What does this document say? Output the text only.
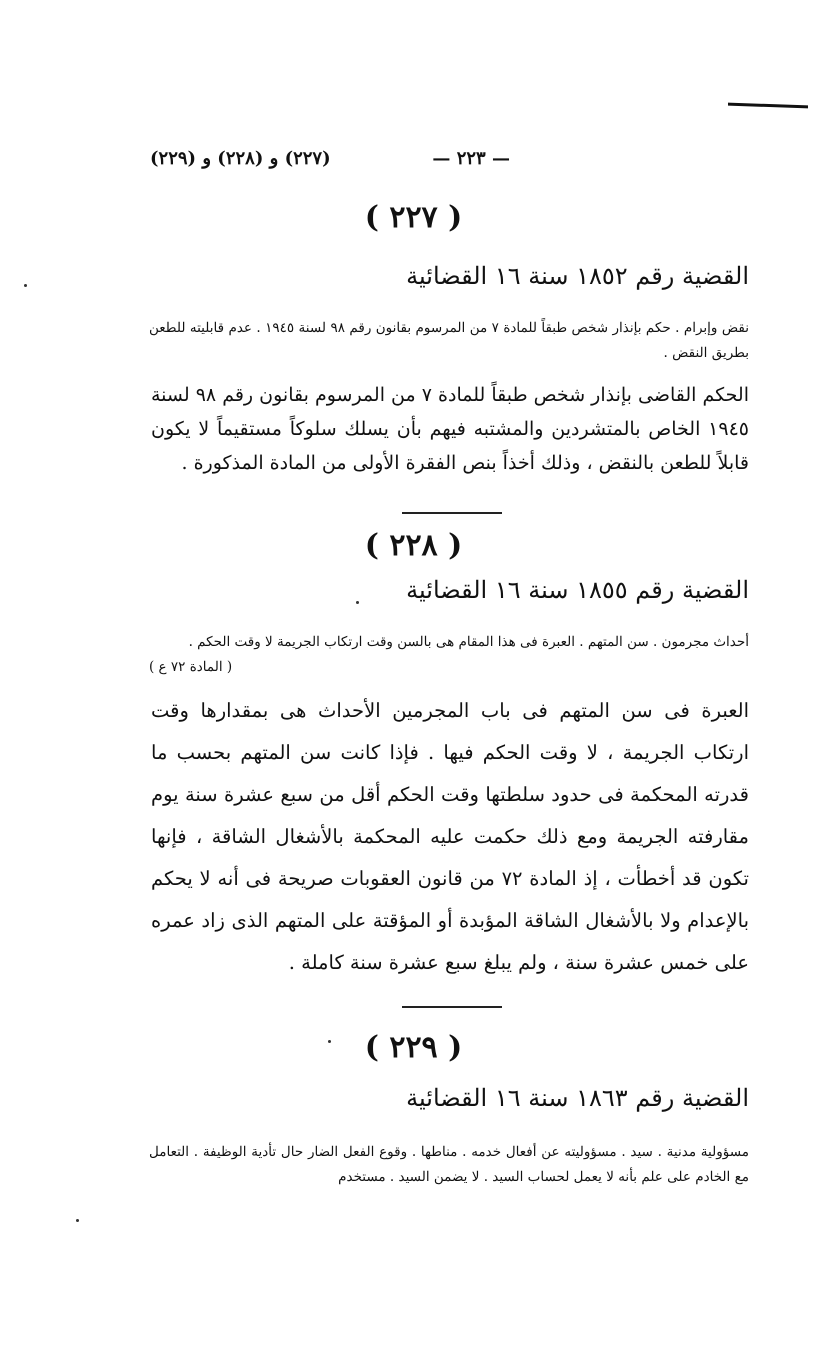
— ٢٢٣ —
(٢٢٧) و (٢٢٨) و (٢٢٩)
( ٢٢٧ )
القضية رقم ١٨٥٢ سنة ١٦ القضائية
نقض وإبرام . حكم بإنذار شخص طبقاً للمادة ٧ من المرسوم بقانون رقم ٩٨ لسنة ١٩٤٥ . عدم قابليته للطعن بطريق النقض .
الحكم القاضى بإنذار شخص طبقاً للمادة ٧ من المرسوم بقانون رقم ٩٨ لسنة ١٩٤٥ الخاص بالمتشردين والمشتبه فيهم بأن يسلك سلوكاً مستقيماً لا يكون قابلاً للطعن بالنقض ، وذلك أخذاً بنص الفقرة الأولى من المادة المذكورة .
( ٢٢٨ )
القضية رقم ١٨٥٥ سنة ١٦ القضائية
أحداث مجرمون . سن المتهم . العبرة فى هذا المقام هى بالسن وقت ارتكاب الجريمة لا وقت الحكم .
( المادة ٧٢ ع )
العبرة فى سن المتهم فى باب المجرمين الأحداث هى بمقدارها وقت ارتكاب الجريمة ، لا وقت الحكم فيها . فإذا كانت سن المتهم بحسب ما قدرته المحكمة فى حدود سلطتها وقت الحكم أقل من سبع عشرة سنة يوم مقارفته الجريمة ومع ذلك حكمت عليه المحكمة بالأشغال الشاقة ، فإنها تكون قد أخطأت ، إذ المادة ٧٢ من قانون العقوبات صريحة فى أنه لا يحكم بالإعدام ولا بالأشغال الشاقة المؤبدة أو المؤقتة على المتهم الذى زاد عمره على خمس عشرة سنة ، ولم يبلغ سبع عشرة سنة كاملة .
( ٢٢٩ )
القضية رقم ١٨٦٣ سنة ١٦ القضائية
مسؤولية مدنية . سيد . مسؤوليته عن أفعال خدمه . مناطها . وقوع الفعل الضار حال تأدية الوظيفة . التعامل مع الخادم على علم بأنه لا يعمل لحساب السيد . لا يضمن السيد . مستخدم
